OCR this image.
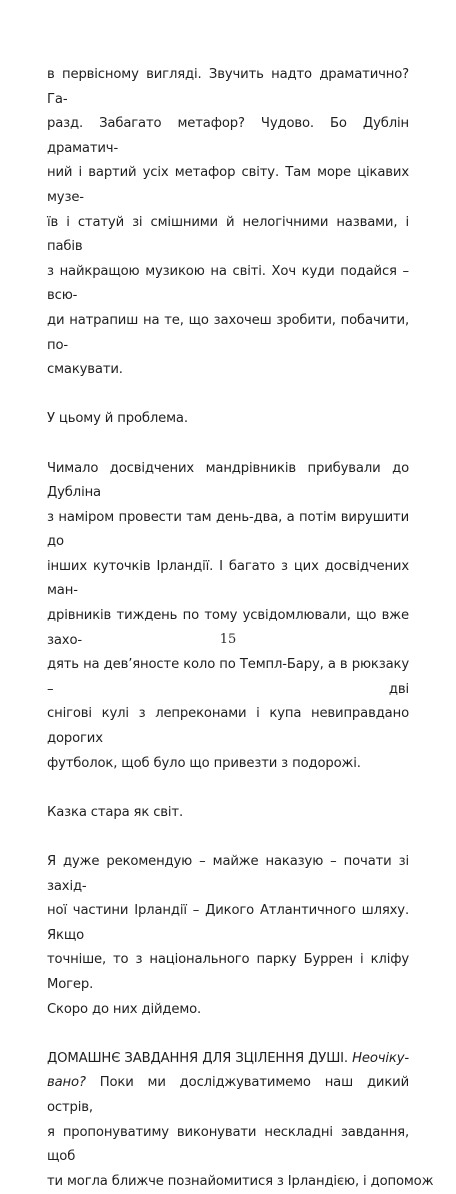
в первісному вигляді. Звучить надто драматично? Га-
разд. Забагато метафор? Чудово. Бо Дублін драматич-
ний і вартий усіх метафор світу. Там море цікавих музе-
їв і статуй зі смішними й нелогічними назвами, і пабів
з найкращою музикою на світі. Хоч куди подайся – всю-
ди натрапиш на те, що захочеш зробити, побачити, по-
смакувати.
У цьому й проблема.
Чимало досвідчених мандрівників прибували до Дубліна
з наміром провести там день-два, а потім вирушити до
інших куточків Ірландії. І багато з цих досвідчених ман-
дрівників тиждень по тому усвідомлювали, що вже захо-
дять на дев’яносте коло по Темпл-Бару, а в рюкзаку – дві
снігові кулі з лепреконами і купа невиправдано дорогих
футболок, щоб було що привезти з подорожі.
Казка стара як світ.
Я дуже рекомендую – майже наказую – почати зі захід-
ної частини Ірландії – Дикого Атлантичного шляху. Якщо
точніше, то з національного парку Буррен і кліфу Могер.
Скоро до них дійдемо.
ДОМАШНЄ ЗАВДАННЯ ДЛЯ ЗЦІЛЕННЯ ДУШІ. Неочіку-
вано? Поки ми досліджуватимемо наш дикий острів,
я пропонуватиму виконувати нескладні завдання, щоб
ти могла ближче познайомитися з Ірландією, і допомож
15
